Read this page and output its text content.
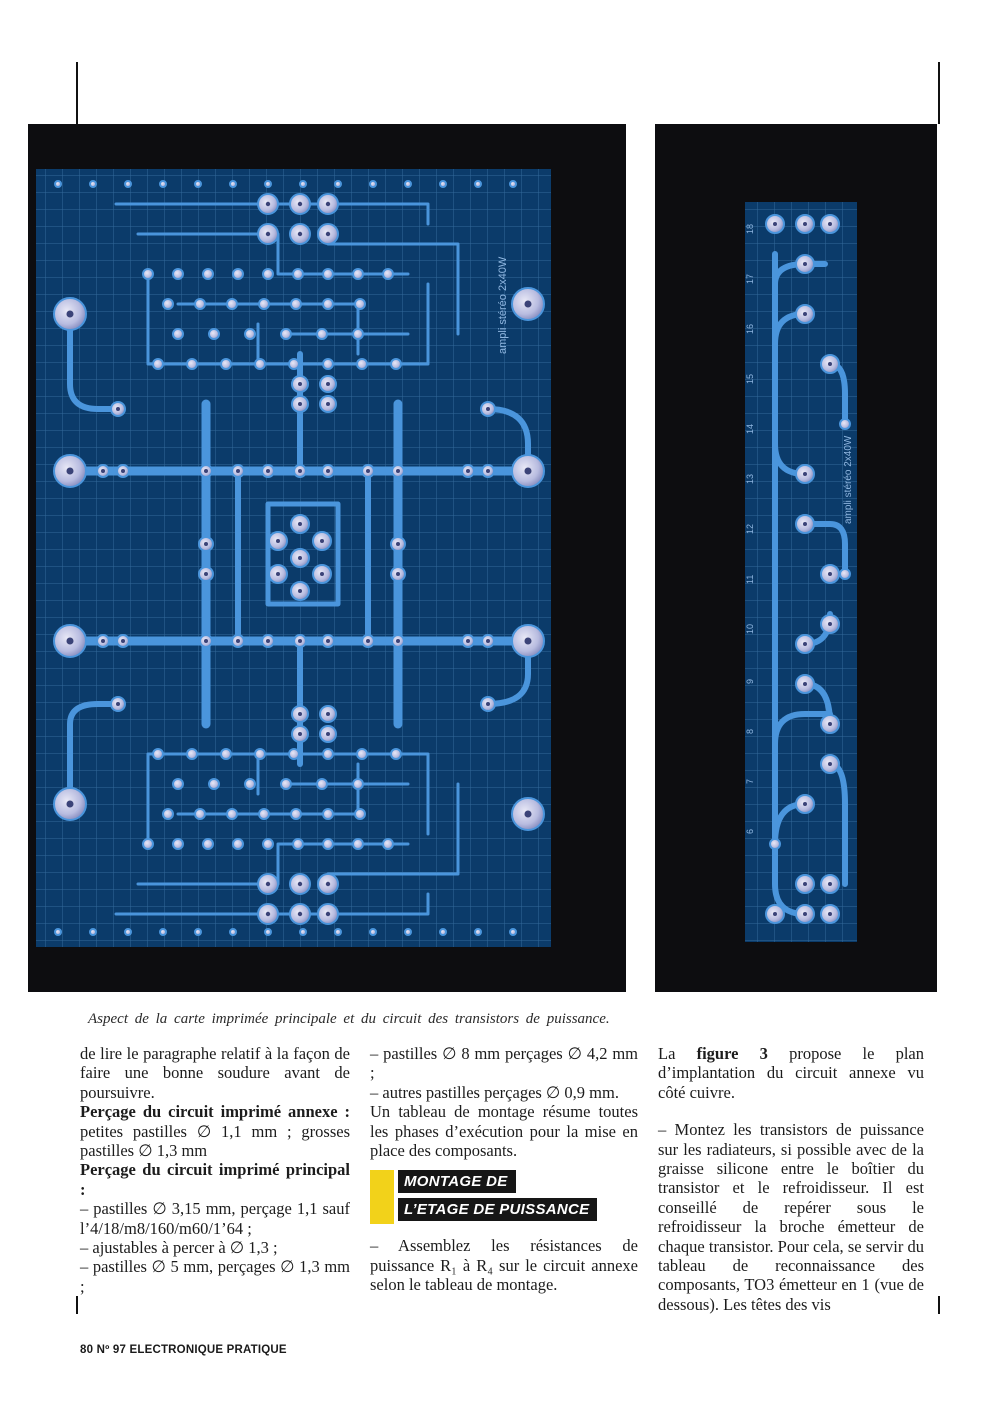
ampli stéréo 2x40W
18
17
16
15
14
13
12
11
10
9
8
7
6
ampli stéréo 2x40W
Aspect de la carte imprimée principale et du circuit des transistors de puissance.

de lire le paragraphe relatif à la façon de faire une bonne soudure avant de poursuivre.

Perçage du circuit imprimé annexe : petites pastilles ∅ 1,1 mm ; grosses pastilles ∅ 1,3 mm

Perçage du circuit imprimé principal :

– pastilles ∅ 3,15 mm, perçage 1,1 sauf l’4/18/m8/160/m60/1’64 ;

– ajustables à percer à ∅ 1,3 ;

– pastilles ∅ 5 mm, perçages ∅ 1,3 mm ;

– pastilles ∅ 8 mm perçages ∅ 4,2 mm ;

– autres pastilles perçages ∅ 0,9 mm.

Un tableau de montage résume toutes les phases d’exécution pour la mise en place des composants.

MONTAGE DE
L’ETAGE DE PUISSANCE

– Assemblez les résistances de puissance R₁ à R₄ sur le circuit annexe selon le tableau de montage.

La figure 3 propose le plan d’implantation du circuit annexe vu côté cuivre.

– Montez les transistors de puissance sur les radiateurs, si possible avec de la graisse silicone entre le boîtier du transistor et le refroidisseur. Il est conseillé de repérer sous le refroidisseur la broche émetteur de chaque transistor. Pour cela, se servir du tableau de reconnaissance des composants, TO3 émetteur en 1 (vue de dessous). Les têtes des vis

80 Nº 97 ELECTRONIQUE PRATIQUE
